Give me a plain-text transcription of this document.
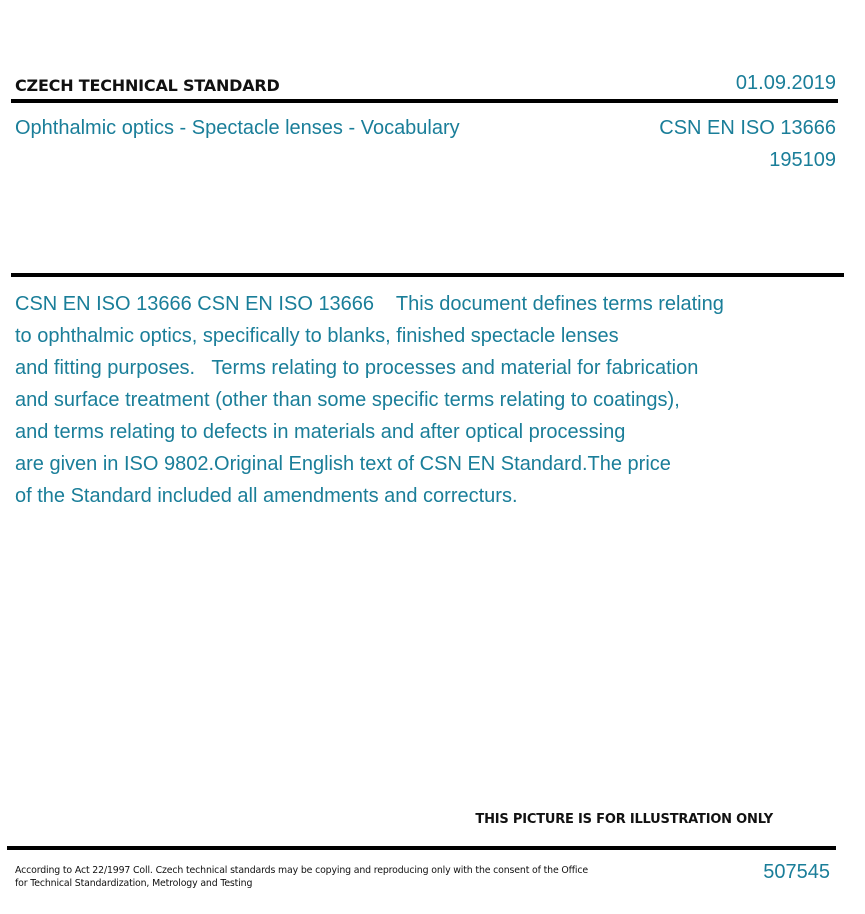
CZECH TECHNICAL STANDARD	01.09.2019
Ophthalmic optics - Spectacle lenses - Vocabulary	CSN EN ISO 13666
195109

CSN EN ISO 13666 CSN EN ISO 13666    This document defines terms relating
to ophthalmic optics, specifically to blanks, finished spectacle lenses
and fitting purposes.   Terms relating to processes and material for fabrication
and surface treatment (other than some specific terms relating to coatings),
and terms relating to defects in materials and after optical processing
are given in ISO 9802.Original English text of CSN EN Standard.The price
of the Standard included all amendments and correcturs.

THIS PICTURE IS FOR ILLUSTRATION ONLY
According to Act 22/1997 Coll. Czech technical standards may be copying and reproducing only with the consent of the Office
for Technical Standardization, Metrology and Testing
507545
